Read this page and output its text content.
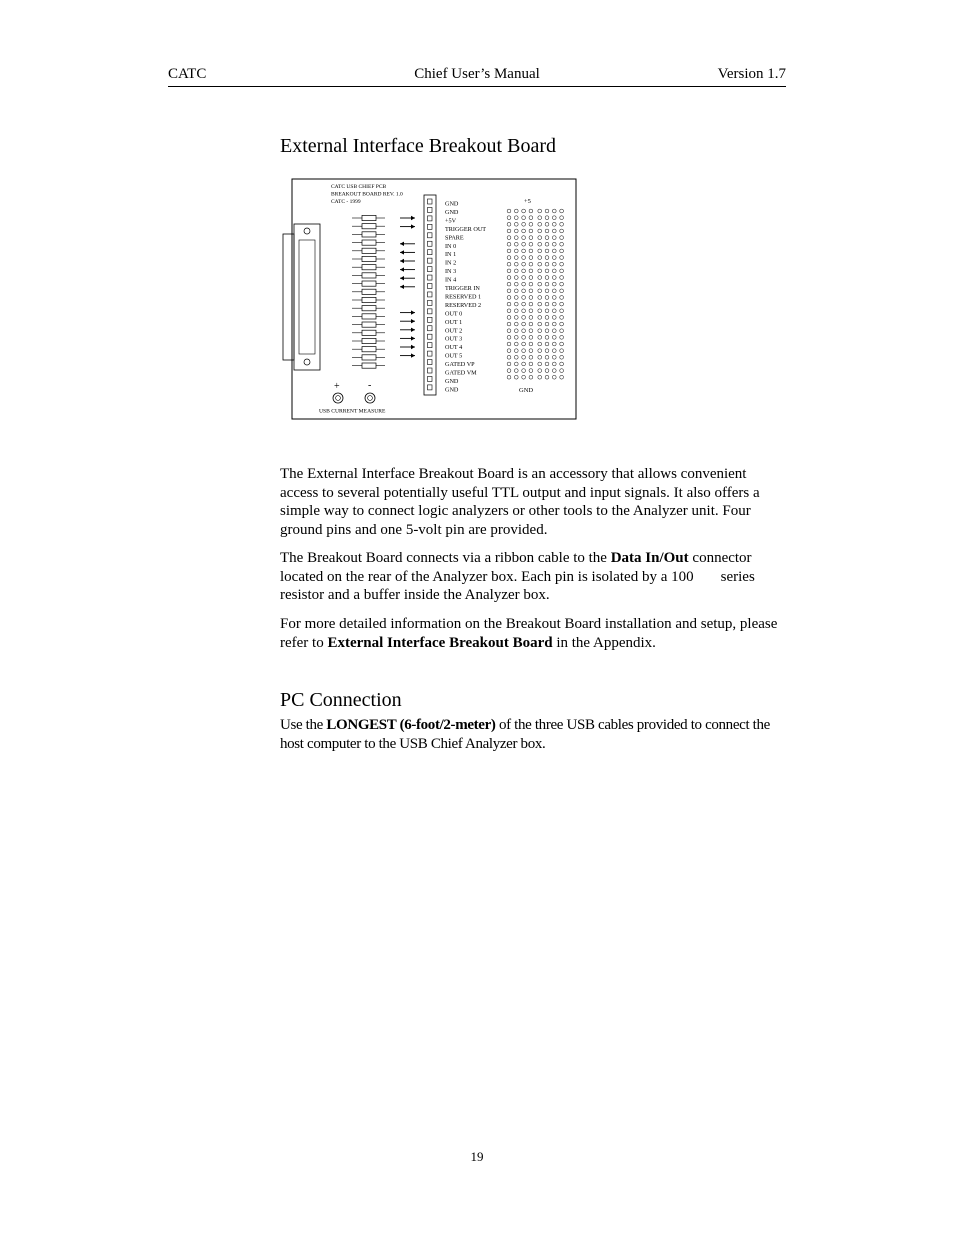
CATC	Chief User’s Manual	Version 1.7
External Interface Breakout Board
CATC USB CHIEF PCB
BREAKOUT BOARD REV. 1.0
CATC - 1999	GND
GND
+5V
TRIGGER OUT
SPARE
IN 0
IN 1
IN 2
IN 3
IN 4
TRIGGER IN
RESERVED 1
RESERVED 2
OUT 0
OUT 1
OUT 2
OUT 3
OUT 4
OUT 5
GATED VP
GATED VM
GND
GND
+5
GND
+	-
USB CURRENT MEASURE

The External Interface Breakout Board is an accessory that allows convenient access to several potentially useful TTL output and input signals. It also offers a simple way to connect logic analyzers or other tools to the Analyzer unit. Four ground pins and one 5-volt pin are provided.

The Breakout Board connects via a ribbon cable to the Data In/Out connector located on the rear of the Analyzer box. Each pin is isolated by a 100 series resistor and a buffer inside the Analyzer box.

For more detailed information on the Breakout Board installation and setup, please refer to External Interface Breakout Board in the Appendix.

PC Connection

Use the LONGEST (6-foot/2-meter) of the three USB cables provided to connect the host computer to the USB Chief Analyzer box.

19
